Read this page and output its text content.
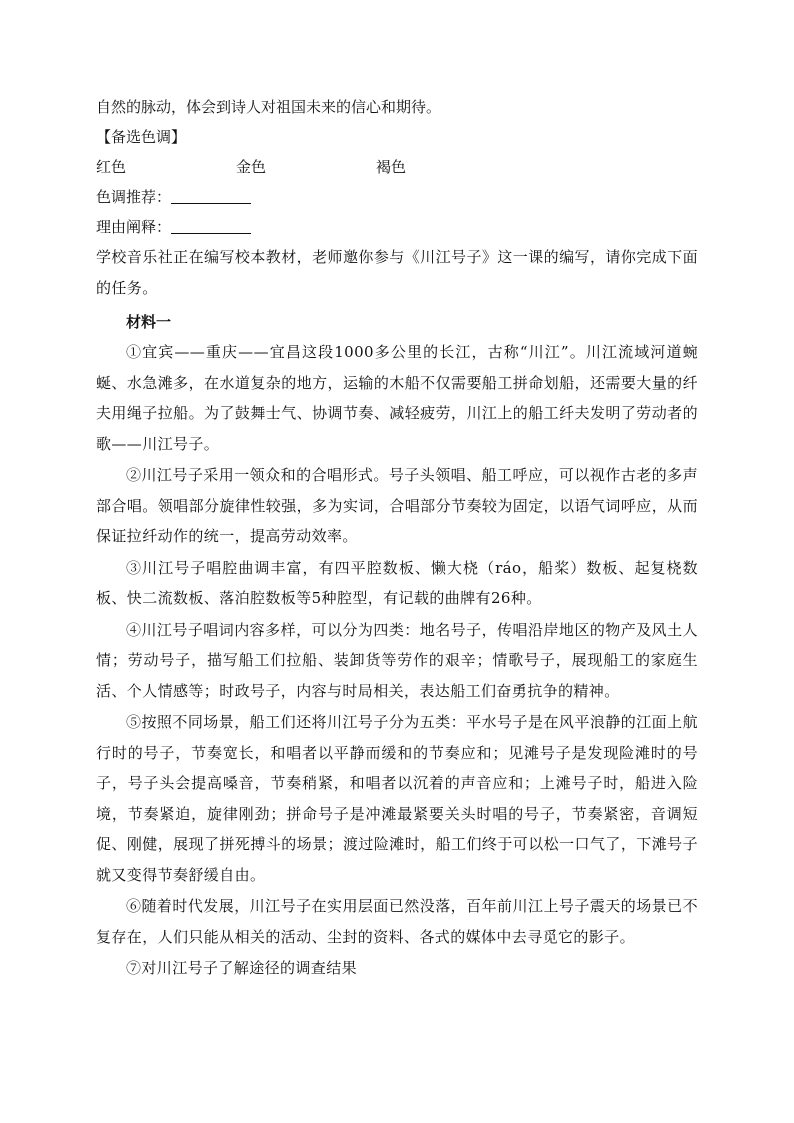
自然的脉动，体会到诗人对祖国未来的信心和期待。

【备选色调】

红色	金色	褐色

色调推荐：

理由阐释：

学校音乐社正在编写校本教材，老师邀你参与《川江号子》这一课的编写，请你完成下面的任务。

材料一

①宜宾——重庆——宜昌这段1000多公里的长江，古称“川江”。川江流域河道蜿蜒、水急滩多，在水道复杂的地方，运输的木船不仅需要船工拼命划船，还需要大量的纤夫用绳子拉船。为了鼓舞士气、协调节奏、减轻疲劳，川江上的船工纤夫发明了劳动者的歌——川江号子。

②川江号子采用一领众和的合唱形式。号子头领唱、船工呼应，可以视作古老的多声部合唱。领唱部分旋律性较强，多为实词，合唱部分节奏较为固定，以语气词呼应，从而保证拉纤动作的统一，提高劳动效率。

③川江号子唱腔曲调丰富，有四平腔数板、懒大桡（ráo，船桨）数板、起复桡数板、快二流数板、落泊腔数板等5种腔型，有记载的曲牌有26种。

④川江号子唱词内容多样，可以分为四类：地名号子，传唱沿岸地区的物产及风土人情；劳动号子，描写船工们拉船、装卸货等劳作的艰辛；情歌号子，展现船工的家庭生活、个人情感等；时政号子，内容与时局相关，表达船工们奋勇抗争的精神。

⑤按照不同场景，船工们还将川江号子分为五类：平水号子是在风平浪静的江面上航行时的号子，节奏宽长，和唱者以平静而缓和的节奏应和；见滩号子是发现险滩时的号子，号子头会提高嗓音，节奏稍紧，和唱者以沉着的声音应和；上滩号子时，船进入险境，节奏紧迫，旋律刚劲；拼命号子是冲滩最紧要关头时唱的号子，节奏紧密，音调短促、刚健，展现了拼死搏斗的场景；渡过险滩时，船工们终于可以松一口气了，下滩号子就又变得节奏舒缓自由。

⑥随着时代发展，川江号子在实用层面已然没落，百年前川江上号子震天的场景已不复存在，人们只能从相关的活动、尘封的资料、各式的媒体中去寻觅它的影子。

⑦对川江号子了解途径的调查结果
